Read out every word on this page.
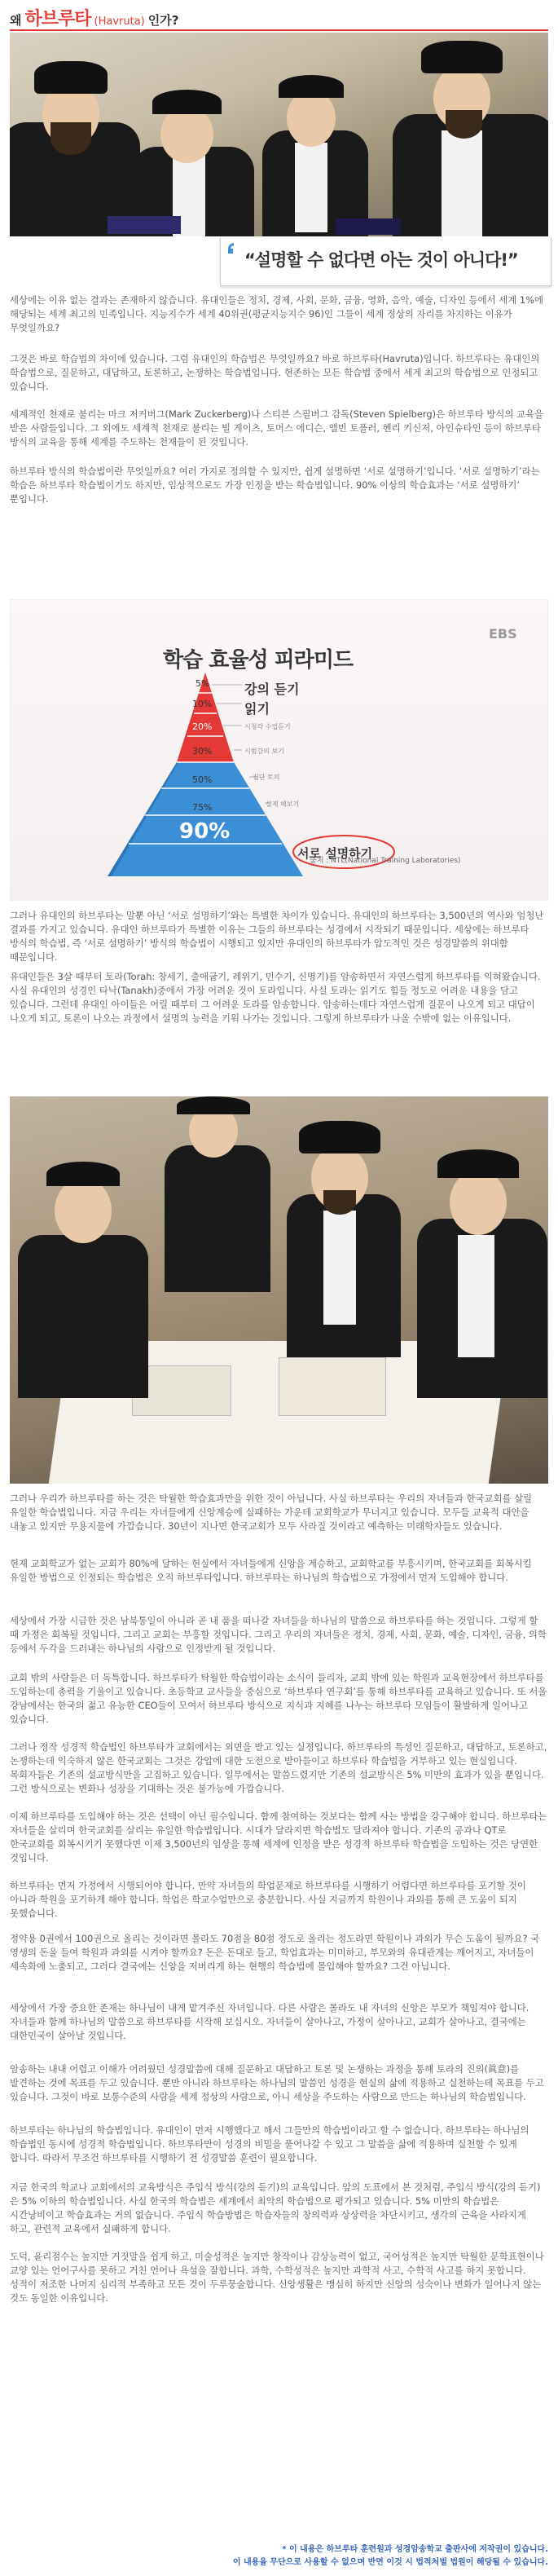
왜 하브루타 (Havruta) 인가?
“설명할 수 없다면 아는 것이 아니다!”

세상에는 이유 없는 결과는 존재하지 않습니다. 유대인들은 정치, 경제, 사회, 문화, 금융, 영화, 음악, 예술, 디자인 등에서 세계 1%에 해당되는 세계 최고의 민족입니다. 지능지수가 세계 40위권(평균지능지수 96)인 그들이 세계 정상의 자리를 차지하는 이유가 무엇일까요?

그것은 바로 학습법의 차이에 있습니다. 그럼 유대인의 학습법은 무엇일까요? 바로 하브루타(Havruta)입니다. 하브루타는 유대인의 학습법으로, 질문하고, 대답하고, 토론하고, 논쟁하는 학습법입니다. 현존하는 모든 학습법 중에서 세계 최고의 학습법으로 인정되고 있습니다.

세계적인 천재로 불리는 마크 저커버그(Mark Zuckerberg)나 스티븐 스필버그 감독(Steven Spielberg)은 하브루타 방식의 교육을 받은 사람들입니다. 그 외에도 세계적 천재로 불리는 빌 게이츠, 토머스 에디슨, 앨빈 토플러, 헨리 키신저, 아인슈타인 등이 하브루타 방식의 교육을 통해 세계를 주도하는 천재들이 된 것입니다.

하브루타 방식의 학습법이란 무엇일까요? 여러 가지로 정의할 수 있지만, 쉽게 설명하면 ‘서로 설명하기’입니다. ‘서로 설명하기’라는 학습은 하브루타 학습법이기도 하지만, 임상적으로도 가장 인정을 받는 학습법입니다. 90% 이상의 학습효과는 ‘서로 설명하기’ 뿐입니다.

EBS
학습 효율성 피라미드
5%
10%
20%
30%
50%
75%
90%
강의 듣기
읽기
시청각 수업듣기
시범강의 보기
집단 토의
실제 해보기
서로 설명하기
출처 : NTL(National Training Laboratories)

그러나 유대인의 하브루타는 말뿐 아닌 ‘서로 설명하기’와는 특별한 차이가 있습니다. 유대인의 하브루타는 3,500년의 역사와 엄청난 결과를 가지고 있습니다. 유대인 하브루타가 특별한 이유는 그들의 하브루타는 성경에서 시작되기 때문입니다. 세상에는 하브루타 방식의 학습법, 즉 ‘서로 설명하기’ 방식의 학습법이 시행되고 있지만 유대인의 하브루타가 압도적인 것은 성경말씀의 위대함 때문입니다.

유대인들은 3살 때부터 토라(Torah: 창세기, 출애굽기, 레위기, 민수기, 신명기)를 암송하면서 자연스럽게 하브루타를 익혀왔습니다. 사실 유대인의 성경인 타낙(Tanakh)중에서 가장 어려운 것이 토라입니다. 사실 토라는 읽기도 힘들 정도로 어려운 내용을 담고 있습니다. 그런데 유대인 아이들은 어릴 때부터 그 어려운 토라를 암송합니다. 암송하는데다 자연스럽게 질문이 나오게 되고 대답이 나오게 되고, 토론이 나오는 과정에서 설명의 능력을 키워 나가는 것입니다. 그렇게 하브루타가 나올 수밖에 없는 이유입니다.

그러나 우리가 하브루타를 하는 것은 탁월한 학습효과만을 위한 것이 아닙니다. 사실 하브루타는 우리의 자녀들과 한국교회를 살릴 유일한 학습법입니다. 지금 우리는 자녀들에게 신앙계승에 실패하는 가운데 교회학교가 무너지고 있습니다. 모두들 교육적 대안을 내놓고 있지만 무용지물에 가깝습니다. 30년이 지나면 한국교회가 모두 사라질 것이라고 예측하는 미래학자들도 있습니다.

현재 교회학교가 없는 교회가 80%에 달하는 현실에서 자녀들에게 신앙을 계승하고, 교회학교를 부흥시키며, 한국교회를 회복시킬 유일한 방법으로 인정되는 학습법은 오직 하브루타입니다. 하브루타는 하나님의 학습법으로 가정에서 먼저 도입해야 합니다.

세상에서 가장 시급한 것은 남북통일이 아니라 곧 내 품을 떠나갈 자녀들을 하나님의 말씀으로 하브루타를 하는 것입니다. 그렇게 할 때 가정은 회복될 것입니다. 그리고 교회는 부흥할 것입니다. 그리고 우리의 자녀들은 정치, 경제, 사회, 문화, 예술, 디자인, 금융, 의학 등에서 두각을 드러내는 하나님의 사람으로 인정받게 될 것입니다.

교회 밖의 사람들은 더 독특합니다. 하브루타가 탁월한 학습법이라는 소식이 들리자, 교회 밖에 있는 학원과 교육현장에서 하브루타를 도입하는데 총력을 기울이고 있습니다. 초등학교 교사들을 중심으로 ‘하브루타 연구회’를 통해 하브루타를 교육하고 있습니다. 또 서울 강남에서는 한국의 젊고 유능한 CEO들이 모여서 하브루타 방식으로 지식과 지혜를 나누는 하브루타 모임들이 활발하게 일어나고 있습니다.

그러나 정작 성경적 학습법인 하브루타가 교회에서는 외면을 받고 있는 실정입니다. 하브루타의 특성인 질문하고, 대답하고, 토론하고, 논쟁하는데 익숙하지 않은 한국교회는 그것은 강압에 대한 도전으로 받아들이고 하브루타 학습법을 거부하고 있는 현실입니다. 목회자들은 기존의 설교방식만을 고집하고 있습니다. 일부에서는 말씀드렸지만 기존의 설교방식은 5% 미만의 효과가 있을 뿐입니다. 그런 방식으로는 변화나 성장을 기대하는 것은 불가능에 가깝습니다.

이제 하브루타를 도입해야 하는 것은 선택이 아닌 필수입니다. 함께 참여하는 것보다는 함께 사는 방법을 강구해야 합니다. 하브루타는 자녀들을 살리며 한국교회를 살리는 유일한 학습법입니다. 시대가 달라지면 학습법도 달라져야 합니다. 기존의 공과나 QT로 한국교회를 회복시키기 못했다면 이제 3,500년의 임상을 통해 세계에 인정을 받은 성경적 하브루타 학습법을 도입하는 것은 당연한 것입니다.

하브루타는 먼저 가정에서 시행되어야 합니다. 만약 자녀들의 학업문제로 하브루타를 시행하기 어렵다면 하브루타를 포기할 것이 아니라 학원을 포기하게 해야 합니다. 학업은 학교수업만으로 충분합니다. 사실 지금까지 학원이나 과외를 통해 큰 도움이 되지 못했습니다.

정약용 0권에서 100권으로 올리는 것이라면 몰라도 70점을 80점 정도로 올리는 정도라면 학원이나 과외가 무슨 도움이 될까요? 국 영생의 돈을 들여 학원과 과외를 시켜야 할까요? 돈은 돈대로 들고, 학업효과는 미미하고, 부모와의 유대관계는 깨어지고, 자녀들이 세속화에 노출되고, 그러다 결국에는 신앙을 저버리게 하는 현행의 학습법에 몰입해야 할까요? 그건 아닙니다.

세상에서 가장 중요한 존재는 하나님이 내게 맡겨주신 자녀입니다. 다른 사람은 몰라도 내 자녀의 신앙은 부모가 책임져야 합니다. 자녀들과 함께 하나님의 말씀으로 하브루타를 시작해 보십시오. 자녀들이 살아나고, 가정이 살아나고, 교회가 살아나고, 결국에는 대한민국이 살아날 것입니다.

암송하는 내내 어렵고 이해가 어려웠던 성경말씀에 대해 질문하고 대답하고 토론 및 논쟁하는 과정을 통해 토라의 진의(眞意)를 발견하는 것에 목표를 두고 있습니다. 뿐만 아니라 하브루타는 하나님의 말씀인 성경을 현실의 삶에 적용하고 실천하는데 목표를 두고 있습니다. 그것이 바로 보통수준의 사람을 세계 정상의 사람으로, 아니 세상을 주도하는 사람으로 만드는 하나님의 학습법입니다.

하브루타는 하나님의 학습법입니다. 유대인이 먼저 시행했다고 해서 그들만의 학습법이라고 할 수 없습니다. 하브루타는 하나님의 학습법인 동시에 성경적 학습법입니다. 하브루타만이 성경의 비밀을 풀어나갈 수 있고 그 말씀을 삶에 적용하며 실천할 수 있게 합니다. 따라서 무조건 하브루타를 시행하기 전 성경말씀 훈련이 필요합니다.

지금 한국의 학교나 교회에서의 교육방식은 주입식 방식(강의 듣기)의 교육입니다. 앞의 도표에서 본 것처럼, 주입식 방식(강의 듣기)은 5% 이하의 학습법입니다. 사실 한국의 학습법은 세계에서 최악의 학습법으로 평가되고 있습니다. 5% 미만의 학습법은 시간낭비이고 학습효과는 거의 없습니다. 주입식 학습방법은 학습자들의 창의력과 상상력을 차단시키고, 생각의 근육을 사라지게 하고, 관련적 교육에서 실패하게 합니다.

도덕, 윤리점수는 높지만 거짓말을 쉽게 하고, 미술성적은 높지만 창작이나 감상능력이 없고, 국어성적은 높지만 탁월한 문학표현이나 교양 있는 언어구사를 못하고 거친 언어나 욕설을 잘합니다. 과학, 수학성적은 높지만 과학적 사고, 수학적 사고를 하지 못합니다. 성적이 저조한 나머지 심리적 부족하고 모든 것이 두루뭉술합니다. 신앙생활은 맹심히 하지만 신앙의 성숙이나 변화가 일어나지 않는 것도 동일한 이유입니다.

* 이 내용은 하브루타 훈련원과 성경암송학교 출판사에 저작권이 있습니다.
이 내용을 무단으로 사용할 수 없으며 반면 이것 시 법적처벌 법원이 해당될 수 있습니다.
